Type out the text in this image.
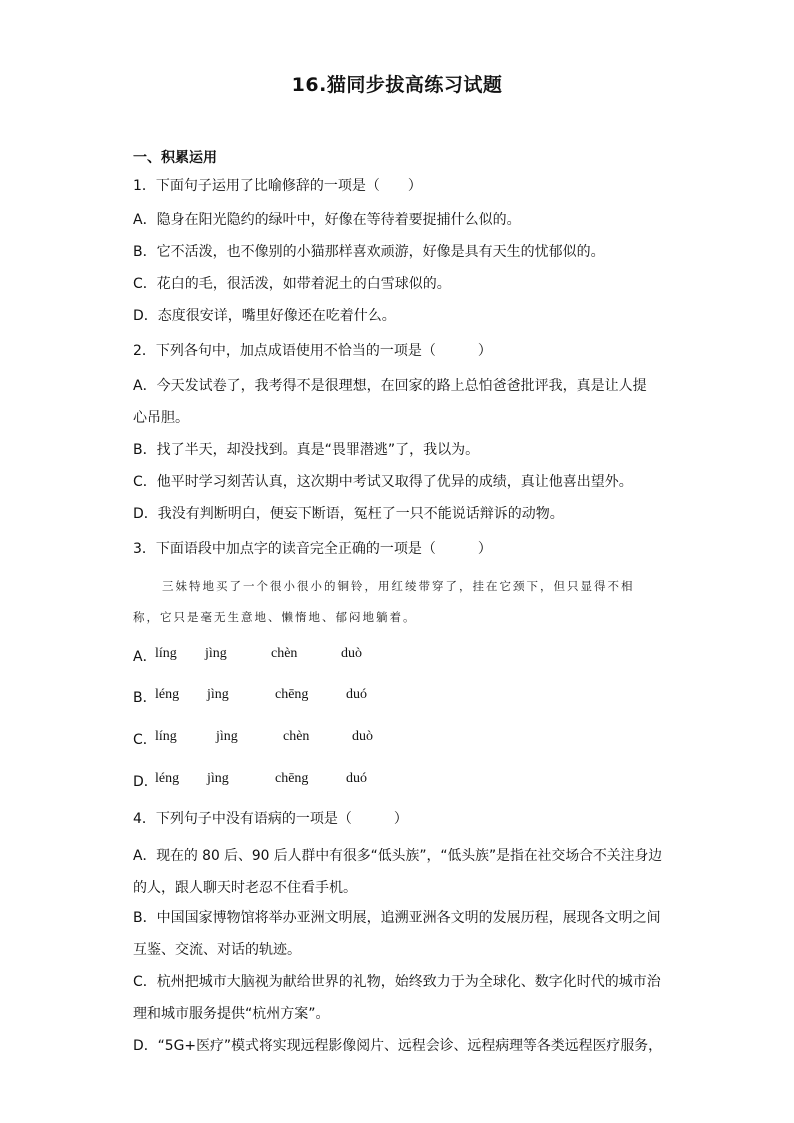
16.猫同步拔高练习试题
一、积累运用
1．下面句子运用了比喻修辞的一项是（　　）
A．隐身在阳光隐约的绿叶中，好像在等待着要捉捕什么似的。
B．它不活泼，也不像别的小猫那样喜欢顽游，好像是具有天生的忧郁似的。
C．花白的毛，很活泼，如带着泥土的白雪球似的。
D．态度很安详，嘴里好像还在吃着什么。
2．下列各句中，加点成语使用不恰当的一项是（　　　）
A．今天发试卷了，我考得不是很理想，在回家的路上总怕爸爸批评我，真是让人提
心吊胆。
B．找了半天，却没找到。真是“畏罪潜逃”了，我以为。
C．他平时学习刻苦认真，这次期中考试又取得了优异的成绩，真让他喜出望外。
D．我没有判断明白，便妄下断语，冤枉了一只不能说话辩诉的动物。
3．下面语段中加点字的读音完全正确的一项是（　　　）
三妹特地买了一个很小很小的铜铃，用红绫带穿了，挂在它颈下，但只显得不相
称，它只是毫无生意地、懒惰地、郁闷地躺着。
A．
líng jìng	chèn	duò
B．
léng jìng	chēng	duó
C．
líng	jìng	chèn	duò
D．
léng jìng	chēng	duó
4．下列句子中没有语病的一项是（　　　）
A．现在的 80 后、90 后人群中有很多“低头族”，“低头族”是指在社交场合不关注身边
的人，跟人聊天时老忍不住看手机。
B．中国国家博物馆将举办亚洲文明展，追溯亚洲各文明的发展历程，展现各文明之间
互鉴、交流、对话的轨迹。
C．杭州把城市大脑视为献给世界的礼物，始终致力于为全球化、数字化时代的城市治
理和城市服务提供“杭州方案”。
D．“5G+医疗”模式将实现远程影像阅片、远程会诊、远程病理等各类远程医疗服务，
